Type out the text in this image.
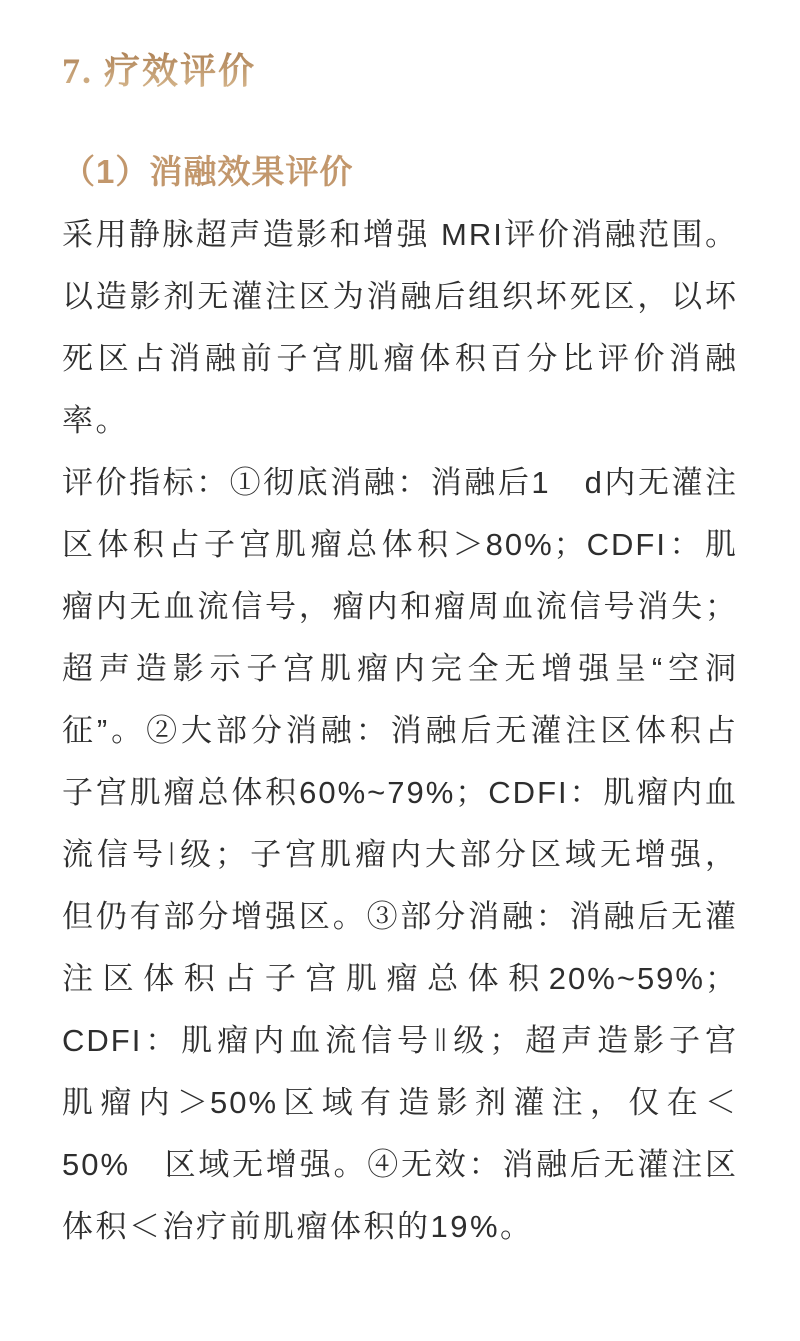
7. 疗效评价
（1）消融效果评价
采用静脉超声造影和增强 MRI评价消融范围。
以造影剂无灌注区为消融后组织坏死区，以坏
死区占消融前子宫肌瘤体积百分比评价消融
率。
评价指标：①彻底消融：消融后1　d内无灌注
区体积占子宫肌瘤总体积＞80%；CDFI：肌
瘤内无血流信号，瘤内和瘤周血流信号消失；
超声造影示子宫肌瘤内完全无增强呈“空洞
征”。②大部分消融：消融后无灌注区体积占
子宫肌瘤总体积60%~79%；CDFI：肌瘤内血
流信号Ⅰ级；子宫肌瘤内大部分区域无增强，
但仍有部分增强区。③部分消融：消融后无灌
注区体积占子宫肌瘤总体积20%~59%；
CDFI：肌瘤内血流信号Ⅱ级；超声造影子宫
肌瘤内＞50%区域有造影剂灌注，仅在＜
50%　区域无增强。④无效：消融后无灌注区
体积＜治疗前肌瘤体积的19%。
